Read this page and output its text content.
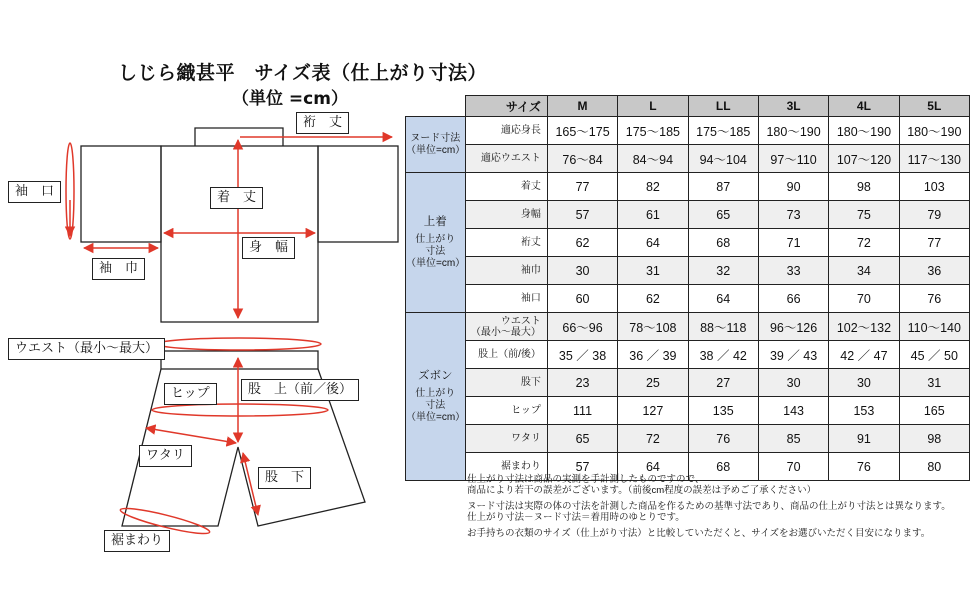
しじら織甚平　サイズ表（仕上がり寸法）
（単位 =cm）
裄　丈
袖　口	着　丈
身　幅
袖　巾
ウエスト（最小～最大）
ヒップ	股　上（前／後）
ワタリ
股　下
裾まわり
	サイズ	M	L	LL	3L	4L	5L
ヌード寸法
（単位=cm）	適応身長	165～175	175～185	175～185	180～190	180～190	180～190
	適応ウエスト	76～84	84～94	94～104	97～110	107～120	117～130

上着
仕上がり
寸法
（単位=cm）	着丈	77	82	87	90	98	103
	身幅	57	61	65	73	75	79
	裄丈	62	64	68	71	72	77
	袖巾	30	31	32	33	34	36
	袖口	60	62	64	66	70	76

ズボン
仕上がり
寸法
（単位=cm）	ウエスト
（最小～最大）	66～96	78～108	88～118	96～126	102～132	110～140
	股上（前/後）	35 ／ 38	36 ／ 39	38 ／ 42	39 ／ 43	42 ／ 47	45 ／ 50
	股下	23	25	27	30	30	31
	ヒップ	111	127	135	143	153	165
	ワタリ	65	72	76	85	91	98
	裾まわり	57	64	68	70	76	80

仕上がり寸法は商品の実測を手計測したものですので、

商品により若干の誤差がございます。（前後cm程度の誤差は予めご了承ください）

ヌード寸法は実際の体の寸法を計測した商品を作るための基準寸法であり、商品の仕上がり寸法とは異なります。

仕上がり寸法－ヌード寸法＝着用時のゆとりです。

お手持ちの衣類のサイズ（仕上がり寸法）と比較していただくと、サイズをお選びいただく目安になります。
